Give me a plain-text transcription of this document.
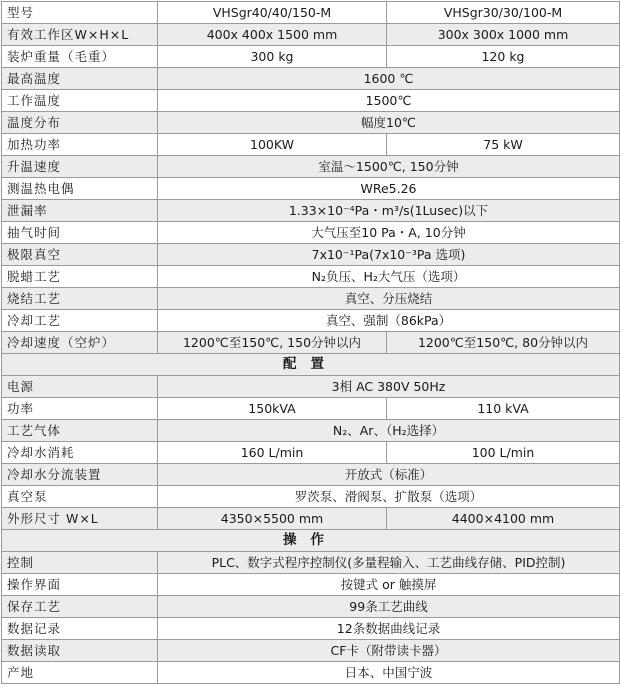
型号	VHSgr40/40/150-M	VHSgr30/30/100-M
有效工作区W×H×L	400x 400x 1500 mm	300x 300x 1000 mm
装炉重量（毛重）	300 kg	120 kg
最高温度	1600 ℃	
工作温度	1500℃	
温度分布	幅度10℃	
加热功率	100KW	75 kW
升温速度	室温～1500℃, 150分钟	
测温热电偶	WRe5.26	
泄漏率	1.33×10⁻⁴Pa・m³/s(1Lusec)以下	
抽气时间	大气压至10 Pa・A, 10分钟	
极限真空	7x10⁻¹Pa(7x10⁻³Pa 选项)	
脱蜡工艺	N₂负压、H₂大气压（选项）	
烧结工艺	真空、分压烧结	
冷却工艺	真空、强制（86kPa）	
冷却速度（空炉）	1200℃至150℃, 150分钟以内	1200℃至150℃, 80分钟以内
配置		
电源	3相 AC 380V 50Hz	
功率	150kVA	110 kVA
工艺气体	N₂、Ar、（H₂选择）	
冷却水消耗	160 L/min	100 L/min
冷却水分流装置	开放式（标准）	
真空泵	罗茨泵、滑阀泵、扩散泵（选项）	
外形尺寸 W×L	4350×5500 mm	4400×4100 mm
操作		
控制	PLC、数字式程序控制仪(多量程输入、工艺曲线存储、PID控制)	
操作界面	按键式 or 触摸屏	
保存工艺	99条工艺曲线	
数据记录	12条数据曲线记录	
数据读取	CF卡（附带读卡器）	
产地	日本、中国宁波	
